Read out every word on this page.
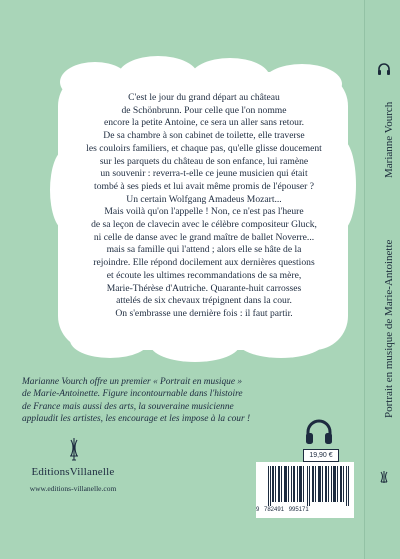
Marianne Vourch
Portrait en musique de Marie-Antoinette

C'est le jour du grand départ au château

de Schönbrunn. Pour celle que l'on nomme

encore la petite Antoine, ce sera un aller sans retour.

De sa chambre à son cabinet de toilette, elle traverse

les couloirs familiers, et chaque pas, qu'elle glisse doucement

sur les parquets du château de son enfance, lui ramène

un souvenir : reverra-t-elle ce jeune musicien qui était

tombé à ses pieds et lui avait même promis de l'épouser ?

Un certain Wolfgang Amadeus Mozart...

Mais voilà qu'on l'appelle ! Non, ce n'est pas l'heure

de sa leçon de clavecin avec le célèbre compositeur Gluck,

ni celle de danse avec le grand maître de ballet Noverre...

mais sa famille qui l'attend ; alors elle se hâte de la

rejoindre. Elle répond docilement aux dernières questions

et écoute les ultimes recommandations de sa mère,

Marie-Thérèse d'Autriche. Quarante-huit carrosses

attelés de six chevaux trépignent dans la cour.

On s'embrasse une dernière fois : il faut partir.

Marianne Vourch offre un premier « Portrait en musique »

de Marie-Antoinette. Figure incontournable dans l'histoire

de France mais aussi des arts, la souveraine musicienne

applaudit les artistes, les encourage et les impose à la cour !

EditionsVillanelle
www.editions-villanelle.com
19,90 €
9 782491 995171
